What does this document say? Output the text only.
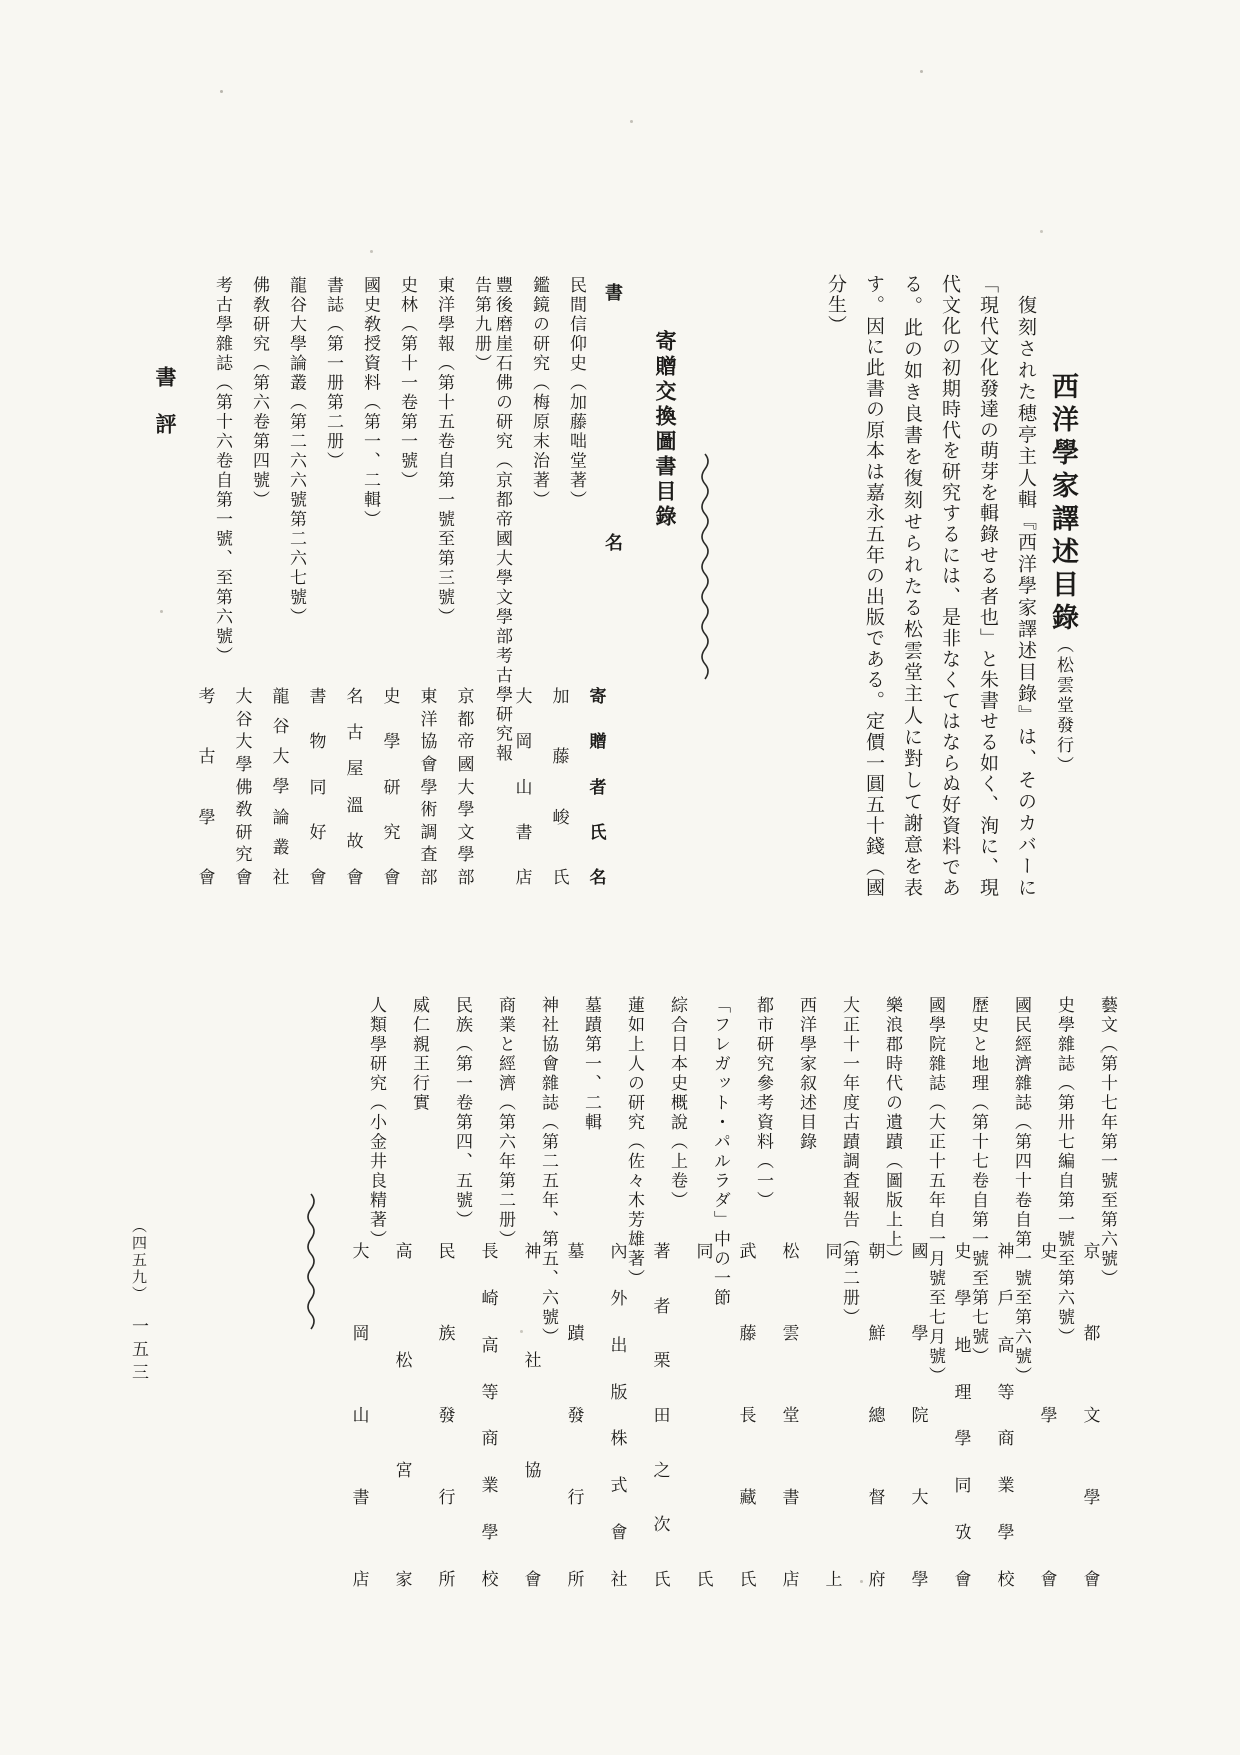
書評	西洋學家譯述目錄（松雲堂發行）
復刻された穂亭主人輯『西洋學家譯述目錄』は、そのカバーに「現代文化發達の萌芽を輯錄せる者也」と朱書せる如く、洵に、現代文化の初期時代を研究するには、是非なくてはならぬ好資料である。此の如き良書を復刻せられたる松雲堂主人に對して謝意を表す。因に此書の原本は嘉永五年の出版である。定價一圓五十錢（國分生）
寄贈交換圖書目錄
書
名
寄
贈
者
氏
名
民間信仰史（加藤咄堂著）
加
藤
峻
氏
鑑鏡の研究（梅原末治著）
大
岡
山
書
店
豐後磨崖石佛の研究（京都帝國大學文學部考古學研究報告第九册）
京
都
帝
國
大
學
文
學
部
東洋學報（第十五卷自第一號至第三號）
東
洋
協
會
學
術
調
査
部
史林（第十一卷第一號）
史
學
研
究
會
國史敎授資料（第一、二輯）
名
古
屋
溫
故
會
書誌（第一册第二册）
書
物
同
好
會
龍谷大學論叢（第二六六號第二六七號）
龍
谷
大
學
論
叢
社
佛敎研究（第六卷第四號）
大
谷
大
學
佛
敎
研
究
會
考古學雜誌（第十六卷自第一號、至第六號）
考
古
學
會
藝文（第十七年第一號至第六號）
京
都
文
學
會
史學雜誌（第卅七編自第一號至第六號）
史
學
會
國民經濟雜誌（第四十卷自第一號至第六號）
神
戶
高
等
商
業
學
校
歷史と地理（第十七卷自第一號至第七號）
史
學
地
理
學
同
攷
會
國學院雜誌（大正十五年自一月號至七月號）
國
學
院
大
學
樂浪郡時代の遺蹟（圖版上上）
朝
鮮
總
督
府
大正十一年度古蹟調査報告（第二册）
同
上
西洋學家叙述目錄
松
雲
堂
書
店
都市研究參考資料（一）
武
藤
長
藏
氏
「フレガット・パルラダ」中の一節
同
氏
綜合日本史概說（上卷）
著
者
栗
田
之
次
氏
蓮如上人の研究（佐々木芳雄著）
內
外
出
版
株
式
會
社
墓蹟第一、二輯
墓
蹟
發
行
所
神社協會雜誌（第二五年、第五、六號）
神
社
協
會
商業と經濟（第六年第二册）
長
崎
高
等
商
業
學
校
民族（第一卷第四、五號）
民
族
發
行
所
威仁親王行實
高
松
宮
家
人類學研究（小金井良精著）
大
岡
山
書
店
（四五九）
一五三
